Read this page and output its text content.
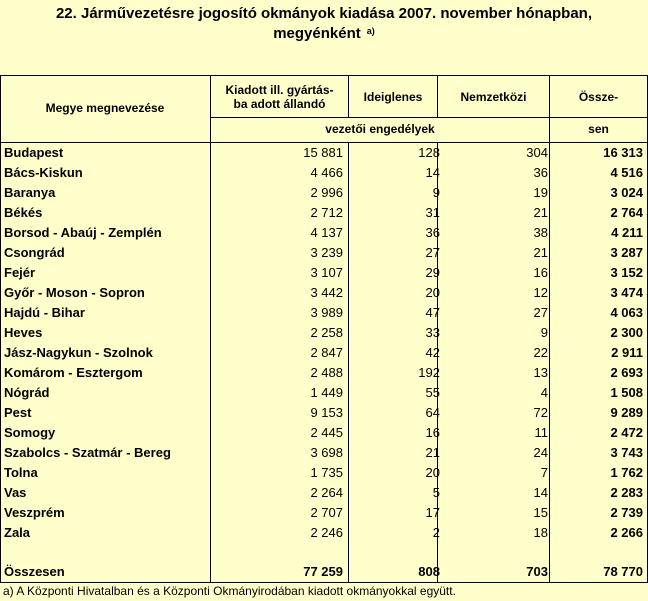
22. Járművezetésre jogosító okmányok kiadása 2007. november hónapban,
megyénként $^{a)}$
Megye megnevezése
Kiadott ill. gyártás-
ba adott állandó	Ideiglenes	Nemzetközi	Össze-
vezetői engedélyek	sen
Budapest	15 881	128	304	16 313
Bács-Kiskun	4 466	14	36	4 516
Baranya	2 996	9	19	3 024
Békés	2 712	31	21	2 764
Borsod - Abaúj - Zemplén	4 137	36	38	4 211
Csongrád	3 239	27	21	3 287
Fejér	3 107	29	16	3 152
Győr - Moson - Sopron	3 442	20	12	3 474
Hajdú - Bihar	3 989	47	27	4 063
Heves	2 258	33	9	2 300
Jász-Nagykun - Szolnok	2 847	42	22	2 911
Komárom - Esztergom	2 488	192	13	2 693
Nógrád	1 449	55	4	1 508
Pest	9 153	64	72	9 289
Somogy	2 445	16	11	2 472
Szabolcs - Szatmár - Bereg	3 698	21	24	3 743
Tolna	1 735	20	7	1 762
Vas	2 264	5	14	2 283
Veszprém	2 707	17	15	2 739
Zala	2 246	2	18	2 266
Összesen	77 259	808	703	78 770
a) A Központi Hivatalban és a Központi Okmányirodában kiadott okmányokkal együtt.
